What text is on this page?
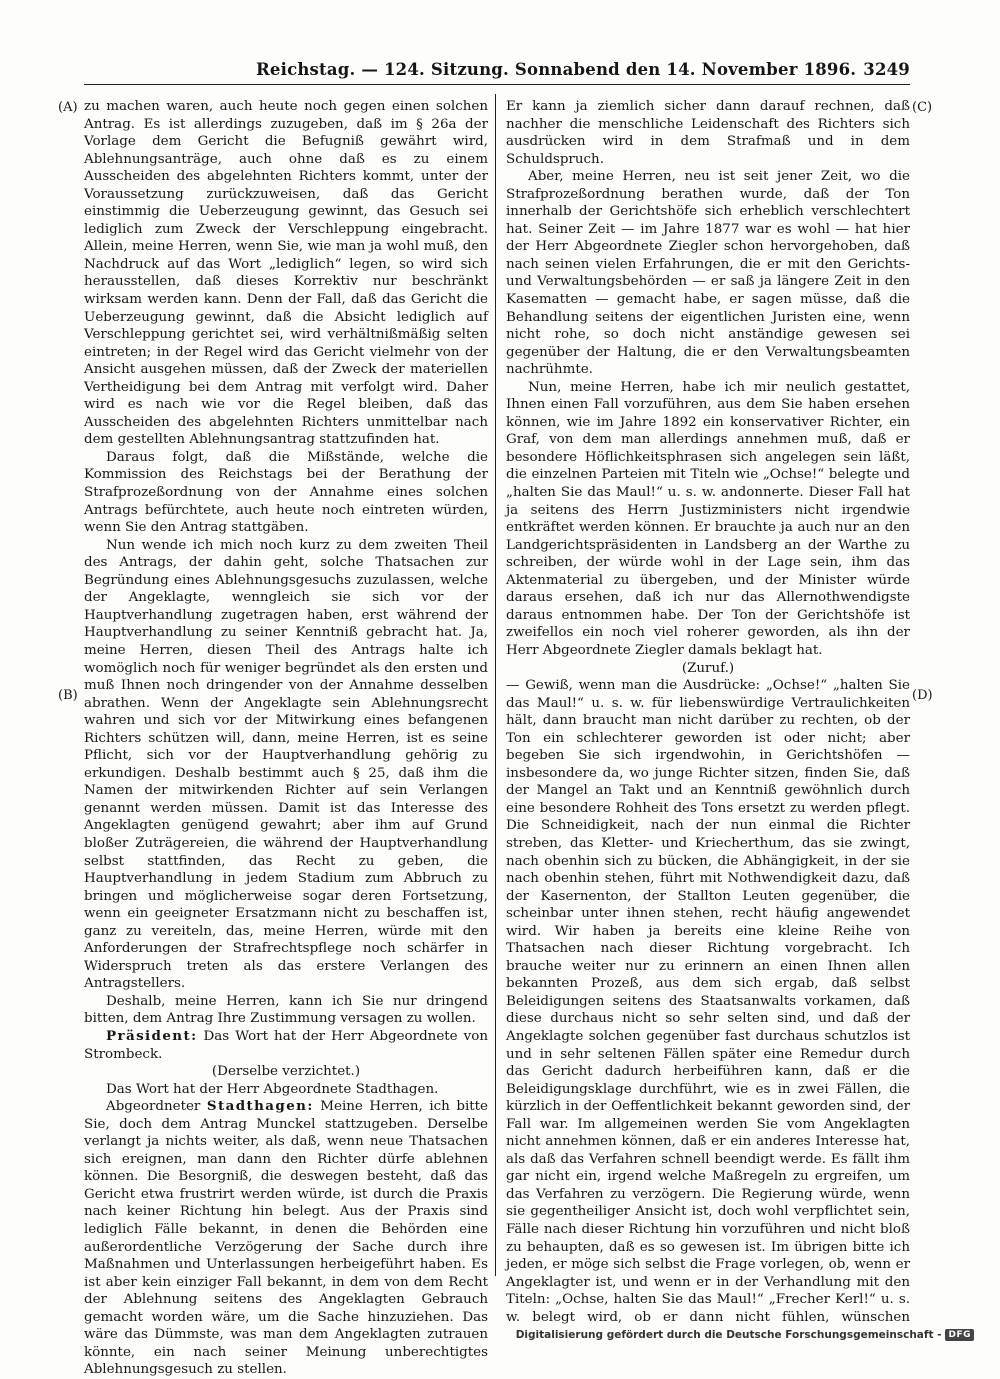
Reichstag. — 124. Sitzung. Sonnabend den 14. November 1896. 3249
(A)
(B)
(C)
(D)

zu machen waren, auch heute noch gegen einen solchen Antrag. Es ist allerdings zuzugeben, daß im § 26a der Vorlage dem Gericht die Befugniß gewährt wird, Ablehnungsanträge, auch ohne daß es zu einem Ausscheiden des abgelehnten Richters kommt, unter der Voraussetzung zurückzuweisen, daß das Gericht einstimmig die Ueberzeugung gewinnt, das Gesuch sei lediglich zum Zweck der Verschleppung eingebracht. Allein, meine Herren, wenn Sie, wie man ja wohl muß, den Nachdruck auf das Wort „lediglich“ legen, so wird sich herausstellen, daß dieses Korrektiv nur beschränkt wirksam werden kann. Denn der Fall, daß das Gericht die Ueberzeugung gewinnt, daß die Absicht lediglich auf Verschleppung gerichtet sei, wird verhältnißmäßig selten eintreten; in der Regel wird das Gericht vielmehr von der Ansicht ausgehen müssen, daß der Zweck der materiellen Vertheidigung bei dem Antrag mit verfolgt wird. Daher wird es nach wie vor die Regel bleiben, daß das Ausscheiden des abgelehnten Richters unmittelbar nach dem gestellten Ablehnungsantrag stattzufinden hat.

Daraus folgt, daß die Mißstände, welche die Kommission des Reichstags bei der Berathung der Strafprozeßordnung von der Annahme eines solchen Antrags befürchtete, auch heute noch eintreten würden, wenn Sie den Antrag stattgäben.

Nun wende ich mich noch kurz zu dem zweiten Theil des Antrags, der dahin geht, solche Thatsachen zur Begründung eines Ablehnungsgesuchs zuzulassen, welche der Angeklagte, wenngleich sie sich vor der Hauptverhandlung zugetragen haben, erst während der Hauptverhandlung zu seiner Kenntniß gebracht hat. Ja, meine Herren, diesen Theil des Antrags halte ich womöglich noch für weniger begründet als den ersten und muß Ihnen noch dringender von der Annahme desselben abrathen. Wenn der Angeklagte sein Ablehnungsrecht wahren und sich vor der Mitwirkung eines befangenen Richters schützen will, dann, meine Herren, ist es seine Pflicht, sich vor der Hauptverhandlung gehörig zu erkundigen. Deshalb bestimmt auch § 25, daß ihm die Namen der mitwirkenden Richter auf sein Verlangen genannt werden müssen. Damit ist das Interesse des Angeklagten genügend gewahrt; aber ihm auf Grund bloßer Zuträgereien, die während der Hauptverhandlung selbst stattfinden, das Recht zu geben, die Hauptverhandlung in jedem Stadium zum Abbruch zu bringen und möglicherweise sogar deren Fortsetzung, wenn ein geeigneter Ersatzmann nicht zu beschaffen ist, ganz zu vereiteln, das, meine Herren, würde mit den Anforderungen der Strafrechtspflege noch schärfer in Widerspruch treten als das erstere Verlangen des Antragstellers.

Deshalb, meine Herren, kann ich Sie nur dringend bitten, dem Antrag Ihre Zustimmung versagen zu wollen.

Präsident: Das Wort hat der Herr Abgeordnete von Strombeck.

(Derselbe verzichtet.)

Das Wort hat der Herr Abgeordnete Stadthagen.

Abgeordneter Stadthagen: Meine Herren, ich bitte Sie, doch dem Antrag Munckel stattzugeben. Derselbe verlangt ja nichts weiter, als daß, wenn neue Thatsachen sich ereignen, man dann den Richter dürfe ablehnen können. Die Besorgniß, die deswegen besteht, daß das Gericht etwa frustrirt werden würde, ist durch die Praxis nach keiner Richtung hin belegt. Aus der Praxis sind lediglich Fälle bekannt, in denen die Behörden eine außerordentliche Verzögerung der Sache durch ihre Maßnahmen und Unterlassungen herbeigeführt haben. Es ist aber kein einziger Fall bekannt, in dem von dem Recht der Ablehnung seitens des Angeklagten Gebrauch gemacht worden wäre, um die Sache hinzuziehen. Das wäre das Dümmste, was man dem Angeklagten zutrauen könnte, ein nach seiner Meinung unberechtigtes Ablehnungsgesuch zu stellen.

Er kann ja ziemlich sicher dann darauf rechnen, daß nachher die menschliche Leidenschaft des Richters sich ausdrücken wird in dem Strafmaß und in dem Schuldspruch.

Aber, meine Herren, neu ist seit jener Zeit, wo die Strafprozeßordnung berathen wurde, daß der Ton innerhalb der Gerichtshöfe sich erheblich verschlechtert hat. Seiner Zeit — im Jahre 1877 war es wohl — hat hier der Herr Abgeordnete Ziegler schon hervorgehoben, daß nach seinen vielen Erfahrungen, die er mit den Gerichts- und Verwaltungsbehörden — er saß ja längere Zeit in den Kasematten — gemacht habe, er sagen müsse, daß die Behandlung seitens der eigentlichen Juristen eine, wenn nicht rohe, so doch nicht anständige gewesen sei gegenüber der Haltung, die er den Verwaltungsbeamten nachrühmte.

Nun, meine Herren, habe ich mir neulich gestattet, Ihnen einen Fall vorzuführen, aus dem Sie haben ersehen können, wie im Jahre 1892 ein konservativer Richter, ein Graf, von dem man allerdings annehmen muß, daß er besondere Höflichkeitsphrasen sich angelegen sein läßt, die einzelnen Parteien mit Titeln wie „Ochse!“ belegte und „halten Sie das Maul!“ u. s. w. andonnerte. Dieser Fall hat ja seitens des Herrn Justizministers nicht irgendwie entkräftet werden können. Er brauchte ja auch nur an den Landgerichtspräsidenten in Landsberg an der Warthe zu schreiben, der würde wohl in der Lage sein, ihm das Aktenmaterial zu übergeben, und der Minister würde daraus ersehen, daß ich nur das Allernothwendigste daraus entnommen habe. Der Ton der Gerichtshöfe ist zweifellos ein noch viel roherer geworden, als ihn der Herr Abgeordnete Ziegler damals beklagt hat.

(Zuruf.)

— Gewiß, wenn man die Ausdrücke: „Ochse!“ „halten Sie das Maul!“ u. s. w. für liebenswürdige Vertraulichkeiten hält, dann braucht man nicht darüber zu rechten, ob der Ton ein schlechterer geworden ist oder nicht; aber begeben Sie sich irgendwohin, in Gerichtshöfen — insbesondere da, wo junge Richter sitzen, finden Sie, daß der Mangel an Takt und an Kenntniß gewöhnlich durch eine besondere Rohheit des Tons ersetzt zu werden pflegt. Die Schneidigkeit, nach der nun einmal die Richter streben, das Kletter- und Kriecherthum, das sie zwingt, nach obenhin sich zu bücken, die Abhängigkeit, in der sie nach obenhin stehen, führt mit Nothwendigkeit dazu, daß der Kasernenton, der Stallton Leuten gegenüber, die scheinbar unter ihnen stehen, recht häufig angewendet wird. Wir haben ja bereits eine kleine Reihe von Thatsachen nach dieser Richtung vorgebracht. Ich brauche weiter nur zu erinnern an einen Ihnen allen bekannten Prozeß, aus dem sich ergab, daß selbst Beleidigungen seitens des Staatsanwalts vorkamen, daß diese durchaus nicht so sehr selten sind, und daß der Angeklagte solchen gegenüber fast durchaus schutzlos ist und in sehr seltenen Fällen später eine Remedur durch das Gericht dadurch herbeiführen kann, daß er die Beleidigungsklage durchführt, wie es in zwei Fällen, die kürzlich in der Oeffentlichkeit bekannt geworden sind, der Fall war. Im allgemeinen werden Sie vom Angeklagten nicht annehmen können, daß er ein anderes Interesse hat, als daß das Verfahren schnell beendigt werde. Es fällt ihm gar nicht ein, irgend welche Maßregeln zu ergreifen, um das Verfahren zu verzögern. Die Regierung würde, wenn sie gegentheiliger Ansicht ist, doch wohl verpflichtet sein, Fälle nach dieser Richtung hin vorzuführen und nicht bloß zu behaupten, daß es so gewesen ist. Im übrigen bitte ich jeden, er möge sich selbst die Frage vorlegen, ob, wenn er Angeklagter ist, und wenn er in der Verhandlung mit den Titeln: „Ochse, halten Sie das Maul!“ „Frecher Kerl!“ u. s. w. belegt wird, ob er dann nicht fühlen, wünschen

Digitalisierung gefördert durch die Deutsche Forschungsgemeinschaft - DFG
